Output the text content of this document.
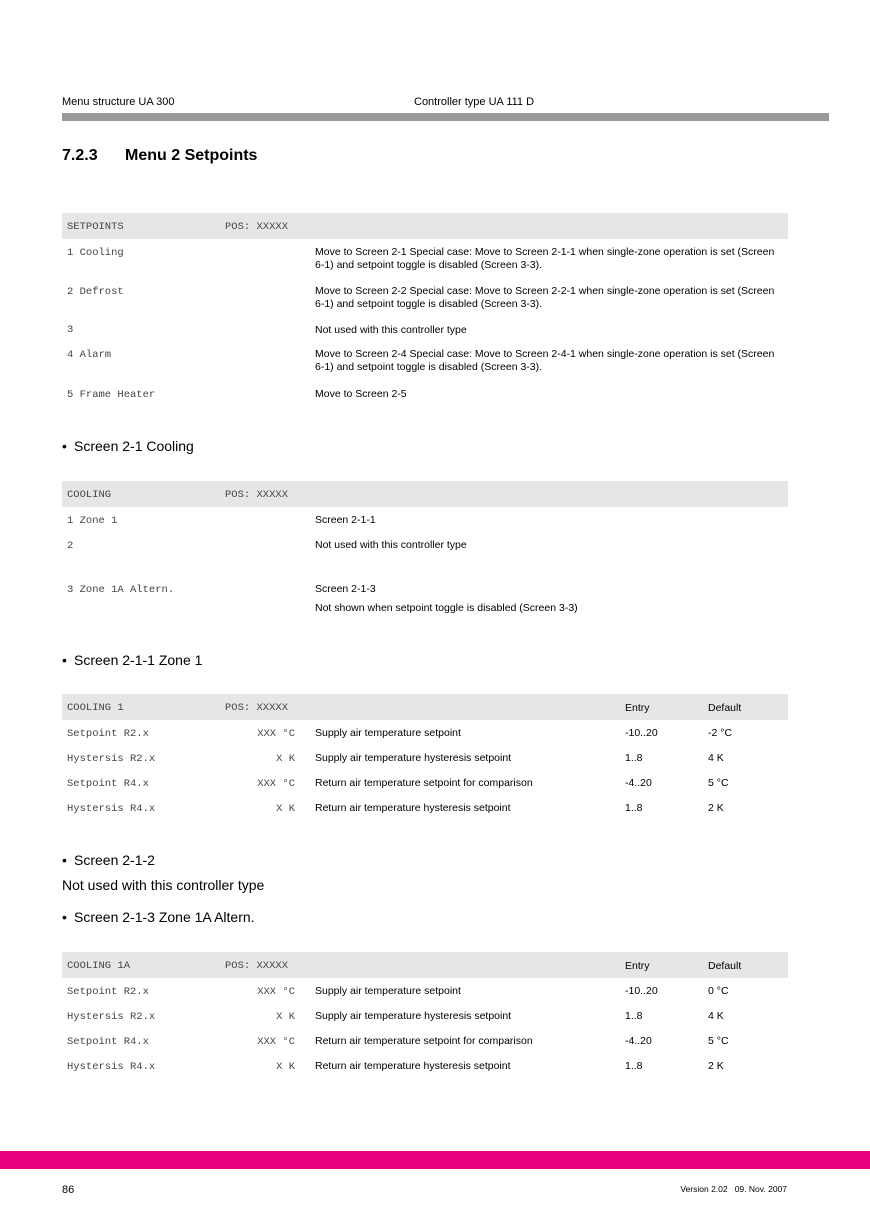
Menu structure UA 300	Controller type UA 111 D
7.2.3 Menu 2 Setpoints
SETPOINTS	POS: XXXXX
1 Cooling	Move to Screen 2-1 Special case: Move to Screen 2-1-1 when single-zone operation is set (Screen 6-1) and setpoint toggle is disabled (Screen 3-3).
2 Defrost	Move to Screen 2-2 Special case: Move to Screen 2-2-1 when single-zone operation is set (Screen 6-1) and setpoint toggle is disabled (Screen 3-3).
3	Not used with this controller type
4 Alarm	Move to Screen 2-4 Special case: Move to Screen 2-4-1 when single-zone operation is set (Screen 6-1) and setpoint toggle is disabled (Screen 3-3).
5 Frame Heater	Move to Screen 2-5
• Screen 2-1 Cooling
COOLING	POS: XXXXX
1 Zone 1	Screen 2-1-1
2	Not used with this controller type
3 Zone 1A Altern.	Screen 2-1-3
Not shown when setpoint toggle is disabled (Screen 3-3)
• Screen 2-1-1 Zone 1
COOLING 1	POS: XXXXX	Entry	Default
Setpoint R2.x	XXX °C Supply air temperature setpoint	-10..20	-2 °C
Hystersis R2.x	X K Supply air temperature hysteresis setpoint	1..8	4 K
Setpoint R4.x	XXX °C Return air temperature setpoint for comparison	-4..20	5 °C
Hystersis R4.x	X K Return air temperature hysteresis setpoint	1..8	2 K
• Screen 2-1-2
Not used with this controller type
• Screen 2-1-3 Zone 1A Altern.
COOLING 1A	POS: XXXXX	Entry	Default
Setpoint R2.x	XXX °C Supply air temperature setpoint	-10..20	0 °C
Hystersis R2.x	X K Supply air temperature hysteresis setpoint	1..8	4 K
Setpoint R4.x	XXX °C Return air temperature setpoint for comparison	-4..20	5 °C
Hystersis R4.x	X K Return air temperature hysteresis setpoint	1..8	2 K
86	Version 2.02   09. Nov. 2007
